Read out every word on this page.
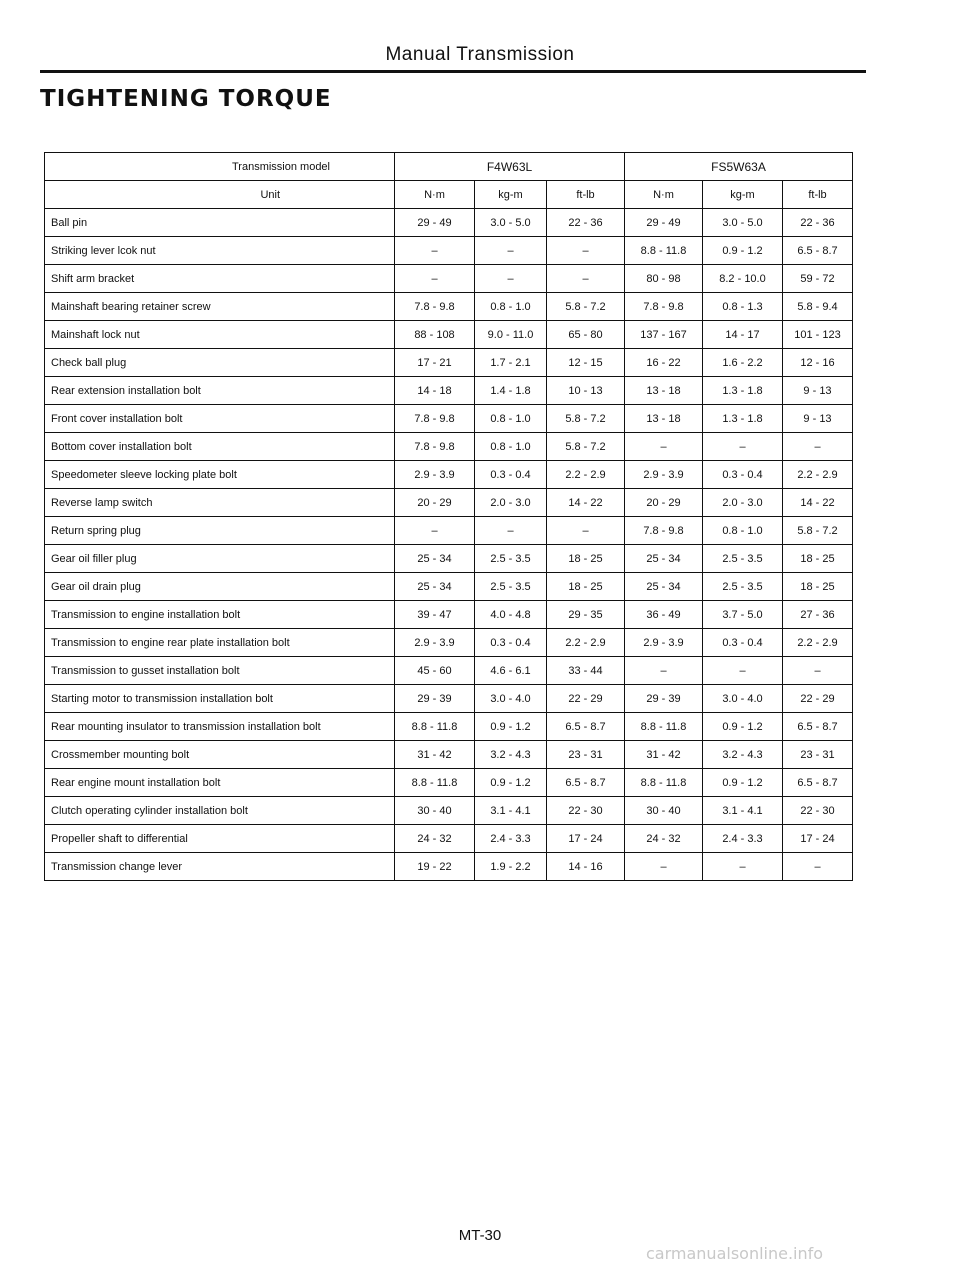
Manual Transmission
TIGHTENING TORQUE
Transmission model	F4W63L			FS5W63A		
Unit	N·m	kg-m	ft-lb	N·m	kg-m	ft-lb
Ball pin	29 - 49	3.0 - 5.0	22 - 36	29 - 49	3.0 - 5.0	22 - 36
Striking lever lcok nut	–	–	–	8.8 - 11.8	0.9 - 1.2	6.5 - 8.7
Shift arm bracket	–	–	–	80 - 98	8.2 - 10.0	59 - 72
Mainshaft bearing retainer screw	7.8 - 9.8	0.8 - 1.0	5.8 - 7.2	7.8 - 9.8	0.8 - 1.3	5.8 - 9.4
Mainshaft lock nut	88 - 108	9.0 - 11.0	65 - 80	137 - 167	14 - 17	101 - 123
Check ball plug	17 - 21	1.7 - 2.1	12 - 15	16 - 22	1.6 - 2.2	12 - 16
Rear extension installation bolt	14 - 18	1.4 - 1.8	10 - 13	13 - 18	1.3 - 1.8	9 - 13
Front cover installation bolt	7.8 - 9.8	0.8 - 1.0	5.8 - 7.2	13 - 18	1.3 - 1.8	9 - 13
Bottom cover installation bolt	7.8 - 9.8	0.8 - 1.0	5.8 - 7.2	–	–	–
Speedometer sleeve locking plate bolt	2.9 - 3.9	0.3 - 0.4	2.2 - 2.9	2.9 - 3.9	0.3 - 0.4	2.2 - 2.9
Reverse lamp switch	20 - 29	2.0 - 3.0	14 - 22	20 - 29	2.0 - 3.0	14 - 22
Return spring plug	–	–	–	7.8 - 9.8	0.8 - 1.0	5.8 - 7.2
Gear oil filler plug	25 - 34	2.5 - 3.5	18 - 25	25 - 34	2.5 - 3.5	18 - 25
Gear oil drain plug	25 - 34	2.5 - 3.5	18 - 25	25 - 34	2.5 - 3.5	18 - 25
Transmission to engine installation bolt	39 - 47	4.0 - 4.8	29 - 35	36 - 49	3.7 - 5.0	27 - 36
Transmission to engine rear plate installation bolt	2.9 - 3.9	0.3 - 0.4	2.2 - 2.9	2.9 - 3.9	0.3 - 0.4	2.2 - 2.9
Transmission to gusset installation bolt	45 - 60	4.6 - 6.1	33 - 44	–	–	–
Starting motor to transmission installation bolt	29 - 39	3.0 - 4.0	22 - 29	29 - 39	3.0 - 4.0	22 - 29
Rear mounting insulator to transmission installation bolt	8.8 - 11.8	0.9 - 1.2	6.5 - 8.7	8.8 - 11.8	0.9 - 1.2	6.5 - 8.7
Crossmember mounting bolt	31 - 42	3.2 - 4.3	23 - 31	31 - 42	3.2 - 4.3	23 - 31
Rear engine mount installation bolt	8.8 - 11.8	0.9 - 1.2	6.5 - 8.7	8.8 - 11.8	0.9 - 1.2	6.5 - 8.7
Clutch operating cylinder installation bolt	30 - 40	3.1 - 4.1	22 - 30	30 - 40	3.1 - 4.1	22 - 30
Propeller shaft to differential	24 - 32	2.4 - 3.3	17 - 24	24 - 32	2.4 - 3.3	17 - 24
Transmission change lever	19 - 22	1.9 - 2.2	14 - 16	–	–	–
MT-30
carmanualsonline.info
